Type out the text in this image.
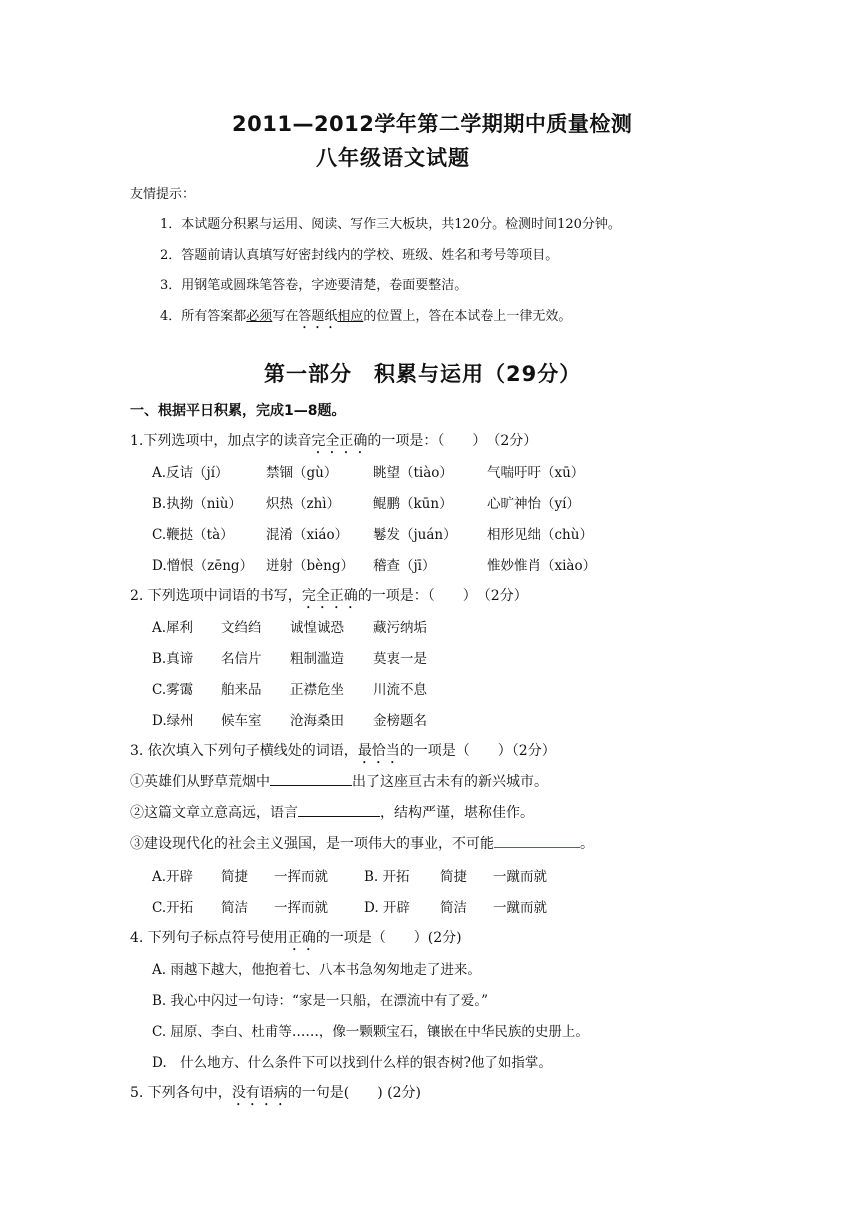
2011—2012学年第二学期期中质量检测
八年级语文试题
友情提示：
1．本试题分积累与运用、阅读、写作三大板块，共120分。检测时间120分钟。
2．答题前请认真填写好密封线内的学校、班级、姓名和考号等项目。
3．用钢笔或圆珠笔答卷，字迹要清楚，卷面要整洁。
4．所有答案都必须写在答题纸相应的位置上，答在本试卷上一律无效。
第一部分　积累与运用（29分）
一、根据平日积累，完成1—8题。
1.下列选项中，加点字的读音完全正确的一项是：（　　）　（2分）
A.反诘（jí）	禁锢（gù）	眺望（tiào）	气喘吁吁（xū）
B.执拗（niù） 炽热（zhì） 鲲鹏（kūn）	心旷神怡（yí）
C.鞭挞（tà） 混淆（xiáo） 鬈发（juán） 相形见绌（chù）
D.憎恨（zēng） 迸射（bèng） 稽查（jī）	惟妙惟肖（xiào）
2. 下列选项中词语的书写，完全正确的一项是：（　　）　（2分）
A.犀利 文绉绉 诚惶诚恐 藏污纳垢
B.真谛 名信片 粗制滥造 莫衷一是
C.雾霭 舶来品 正襟危坐 川流不息
D.绿州 候车室 沧海桑田 金榜题名
3. 依次填入下列句子横线处的词语，最恰当的一项是（　　）（2分）
①英雄们从野草荒烟中	出了这座亘古未有的新兴城市。
②这篇文章立意高远，语言	，结构严谨，堪称佳作。
③建设现代化的社会主义强国，是一项伟大的事业，不可能	。
A.开辟 简捷 一挥而就	B. 开拓 简捷 一蹴而就
C.开拓 简洁 一挥而就	D. 开辟 简洁 一蹴而就
4. 下列句子标点符号使用正确的一项是（　　）(2分)
A. 雨越下越大，他抱着七、八本书急匆匆地走了进来。
B. 我心中闪过一句诗：“家是一只船，在漂流中有了爱。”
C. 屈原、李白、杜甫等……，像一颗颗宝石，镶嵌在中华民族的史册上。
D.　什么地方、什么条件下可以找到什么样的银杏树?他了如指掌。
5. 下列各句中，没有语病的一句是(　　) (2分)
